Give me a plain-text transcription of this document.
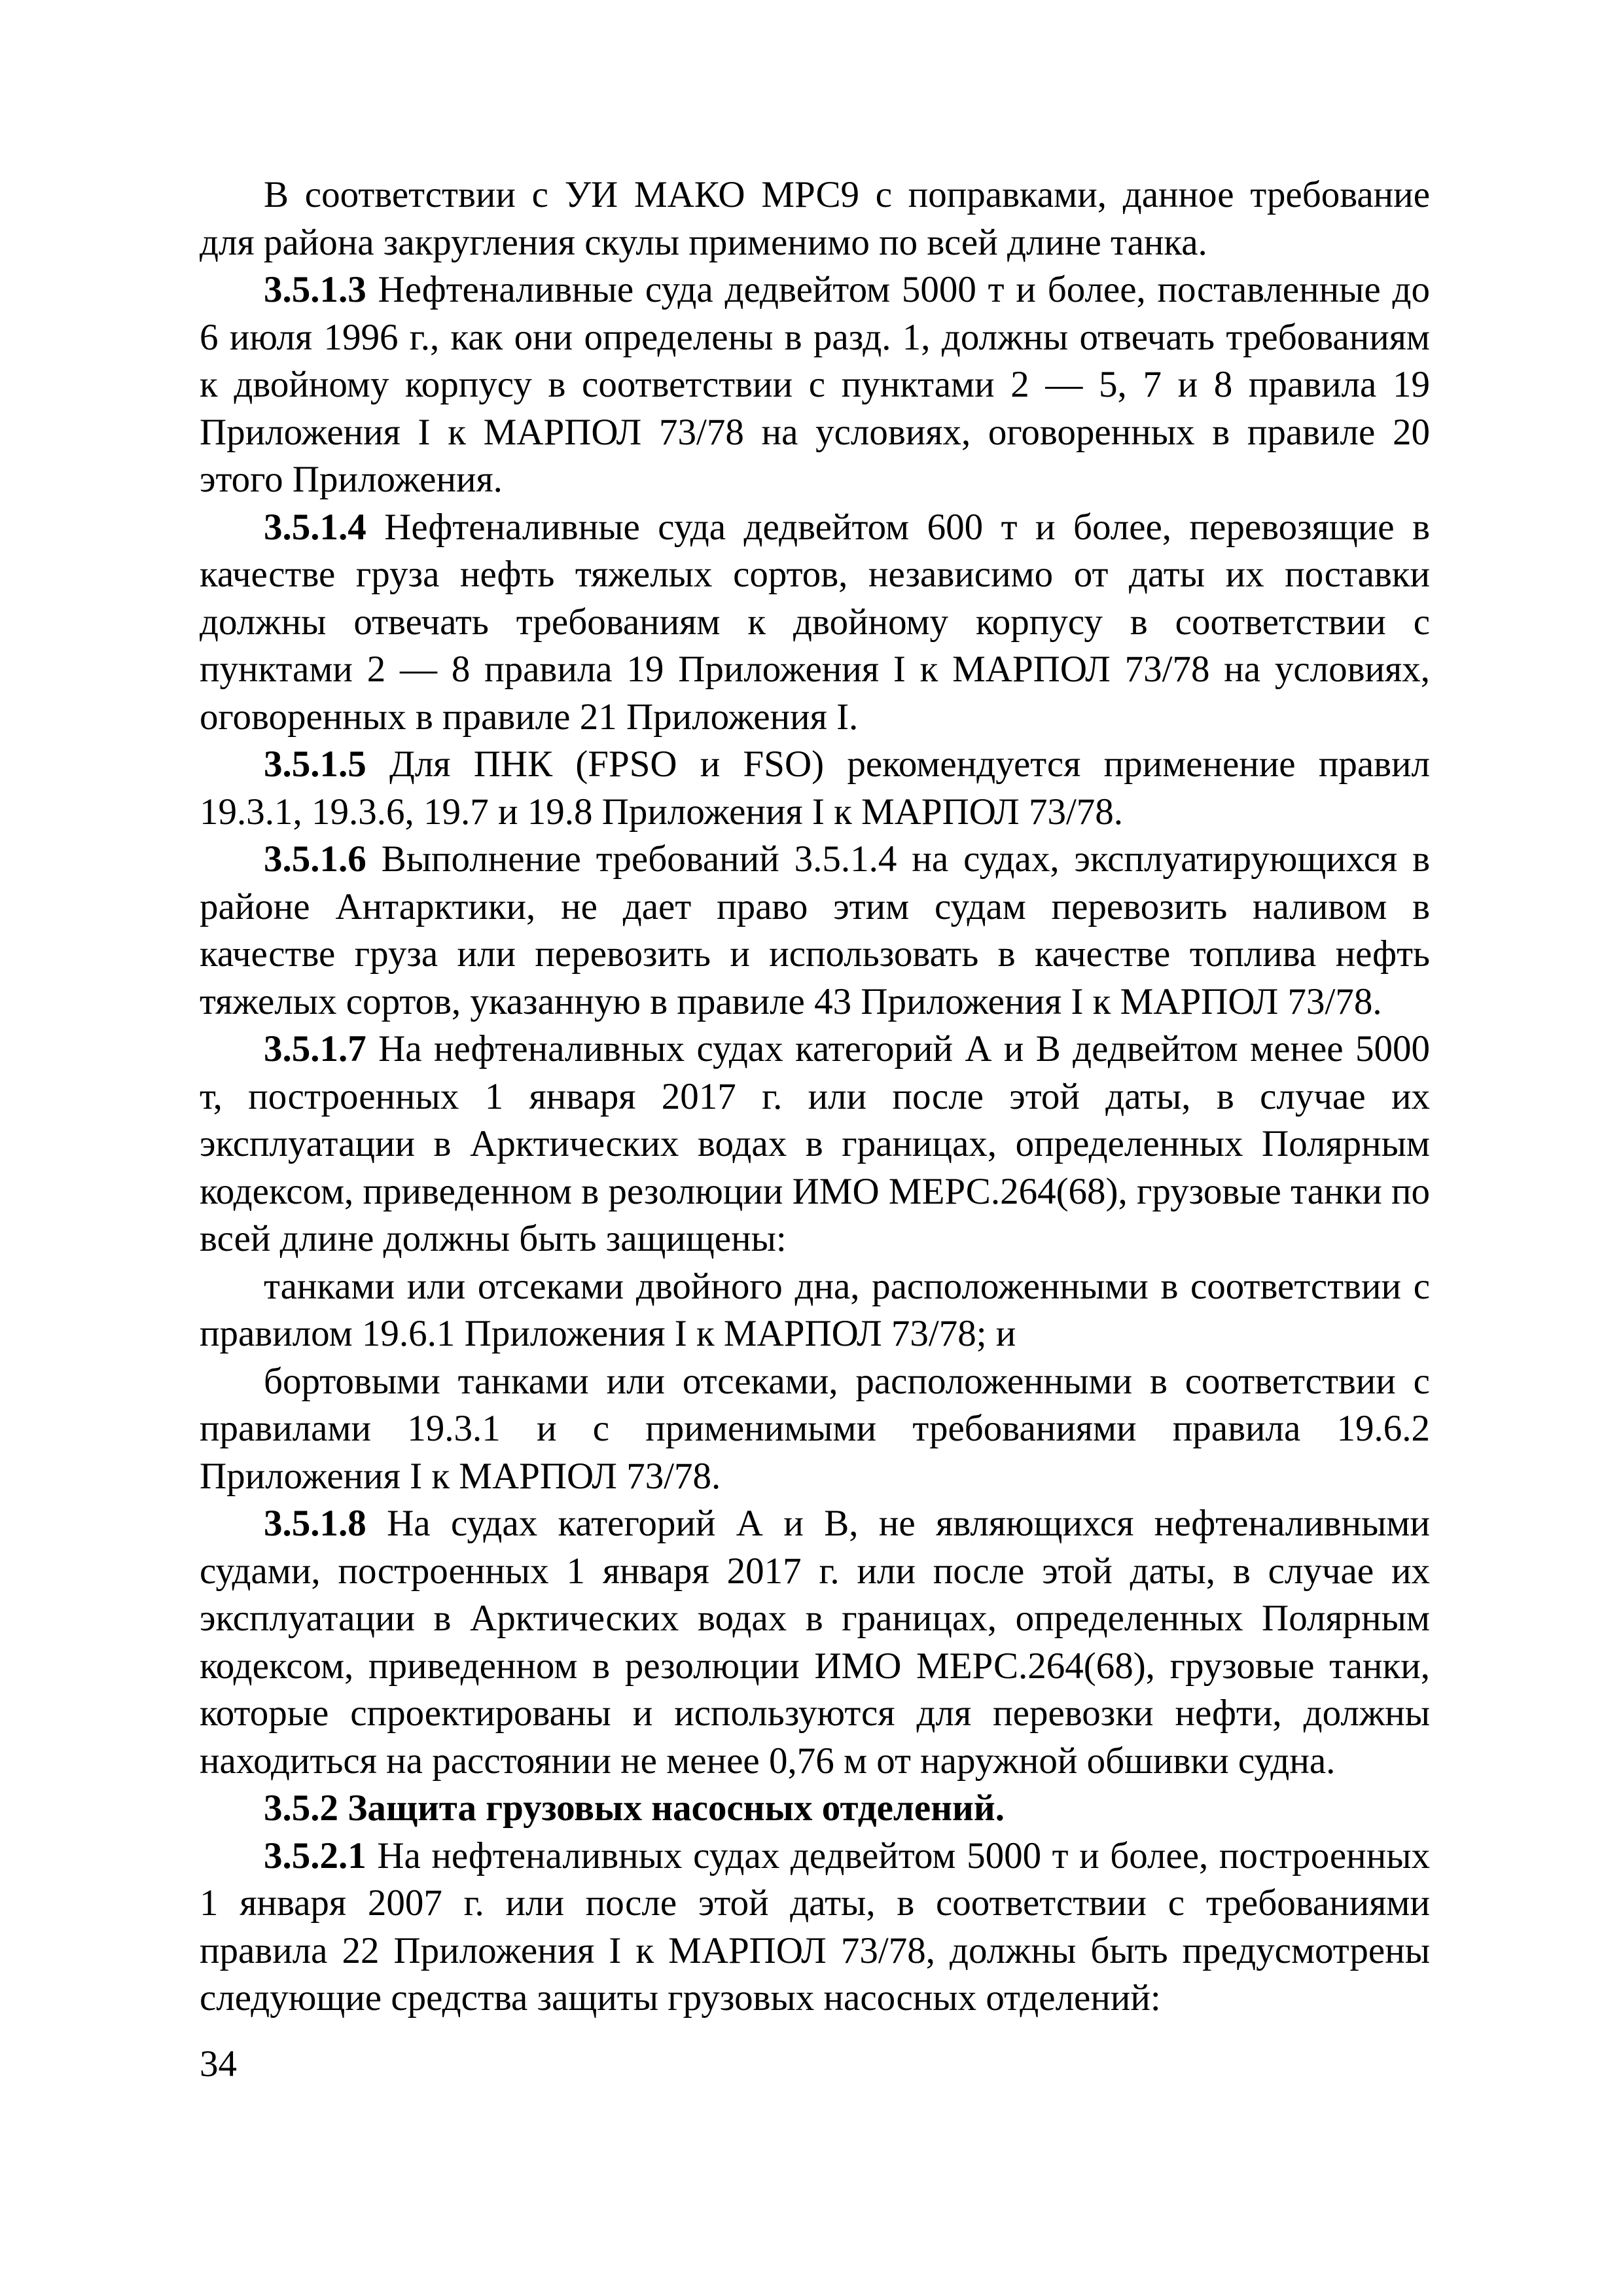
В соответствии с УИ МАКО МРС9 с поправками, данное требование для района закругления скулы применимо по всей длине танка.

3.5.1.3 Нефтеналивные суда дедвейтом 5000 т и более, поставленные до 6 июля 1996 г., как они определены в разд. 1, должны отвечать требованиям к двойному корпусу в соответствии с пунктами 2 — 5, 7 и 8 правила 19 Приложения I к МАРПОЛ 73/78 на условиях, оговоренных в правиле 20 этого Приложения.

3.5.1.4 Нефтеналивные суда дедвейтом 600 т и более, перевозящие в качестве груза нефть тяжелых сортов, независимо от даты их поставки должны отвечать требованиям к двойному корпусу в соответствии с пунктами 2 — 8 правила 19 Приложения I к МАРПОЛ 73/78 на условиях, оговоренных в правиле 21 Приложения I.

3.5.1.5 Для ПНК (FPSO и FSO) рекомендуется применение правил 19.3.1, 19.3.6, 19.7 и 19.8 Приложения I к МАРПОЛ 73/78.

3.5.1.6 Выполнение требований 3.5.1.4 на судах, эксплуатирующихся в районе Антарктики, не дает право этим судам перевозить наливом в качестве груза или перевозить и использовать в качестве топлива нефть тяжелых сортов, указанную в правиле 43 Приложения I к МАРПОЛ 73/78.

3.5.1.7 На нефтеналивных судах категорий А и В дедвейтом менее 5000 т, построенных 1 января 2017 г. или после этой даты, в случае их эксплуатации в Арктических водах в границах, определенных Полярным кодексом, приведенном в резолюции ИМО МЕРС.264(68), грузовые танки по всей длине должны быть защищены:

танками или отсеками двойного дна, расположенными в соответствии с правилом 19.6.1 Приложения I к МАРПОЛ 73/78; и

бортовыми танками или отсеками, расположенными в соответствии с правилами 19.3.1 и с применимыми требованиями правила 19.6.2 Приложения I к МАРПОЛ 73/78.

3.5.1.8 На судах категорий А и В, не являющихся нефтеналивными судами, построенных 1 января 2017 г. или после этой даты, в случае их эксплуатации в Арктических водах в границах, определенных Полярным кодексом, приведенном в резолюции ИМО МЕРС.264(68), грузовые танки, которые спроектированы и используются для перевозки нефти, должны находиться на расстоянии не менее 0,76 м от наружной обшивки судна.

3.5.2 Защита грузовых насосных отделений.

3.5.2.1 На нефтеналивных судах дедвейтом 5000 т и более, построенных 1 января 2007 г. или после этой даты, в соответствии с требованиями правила 22 Приложения I к МАРПОЛ 73/78, должны быть предусмотрены следующие средства защиты грузовых насосных отделений:

34
